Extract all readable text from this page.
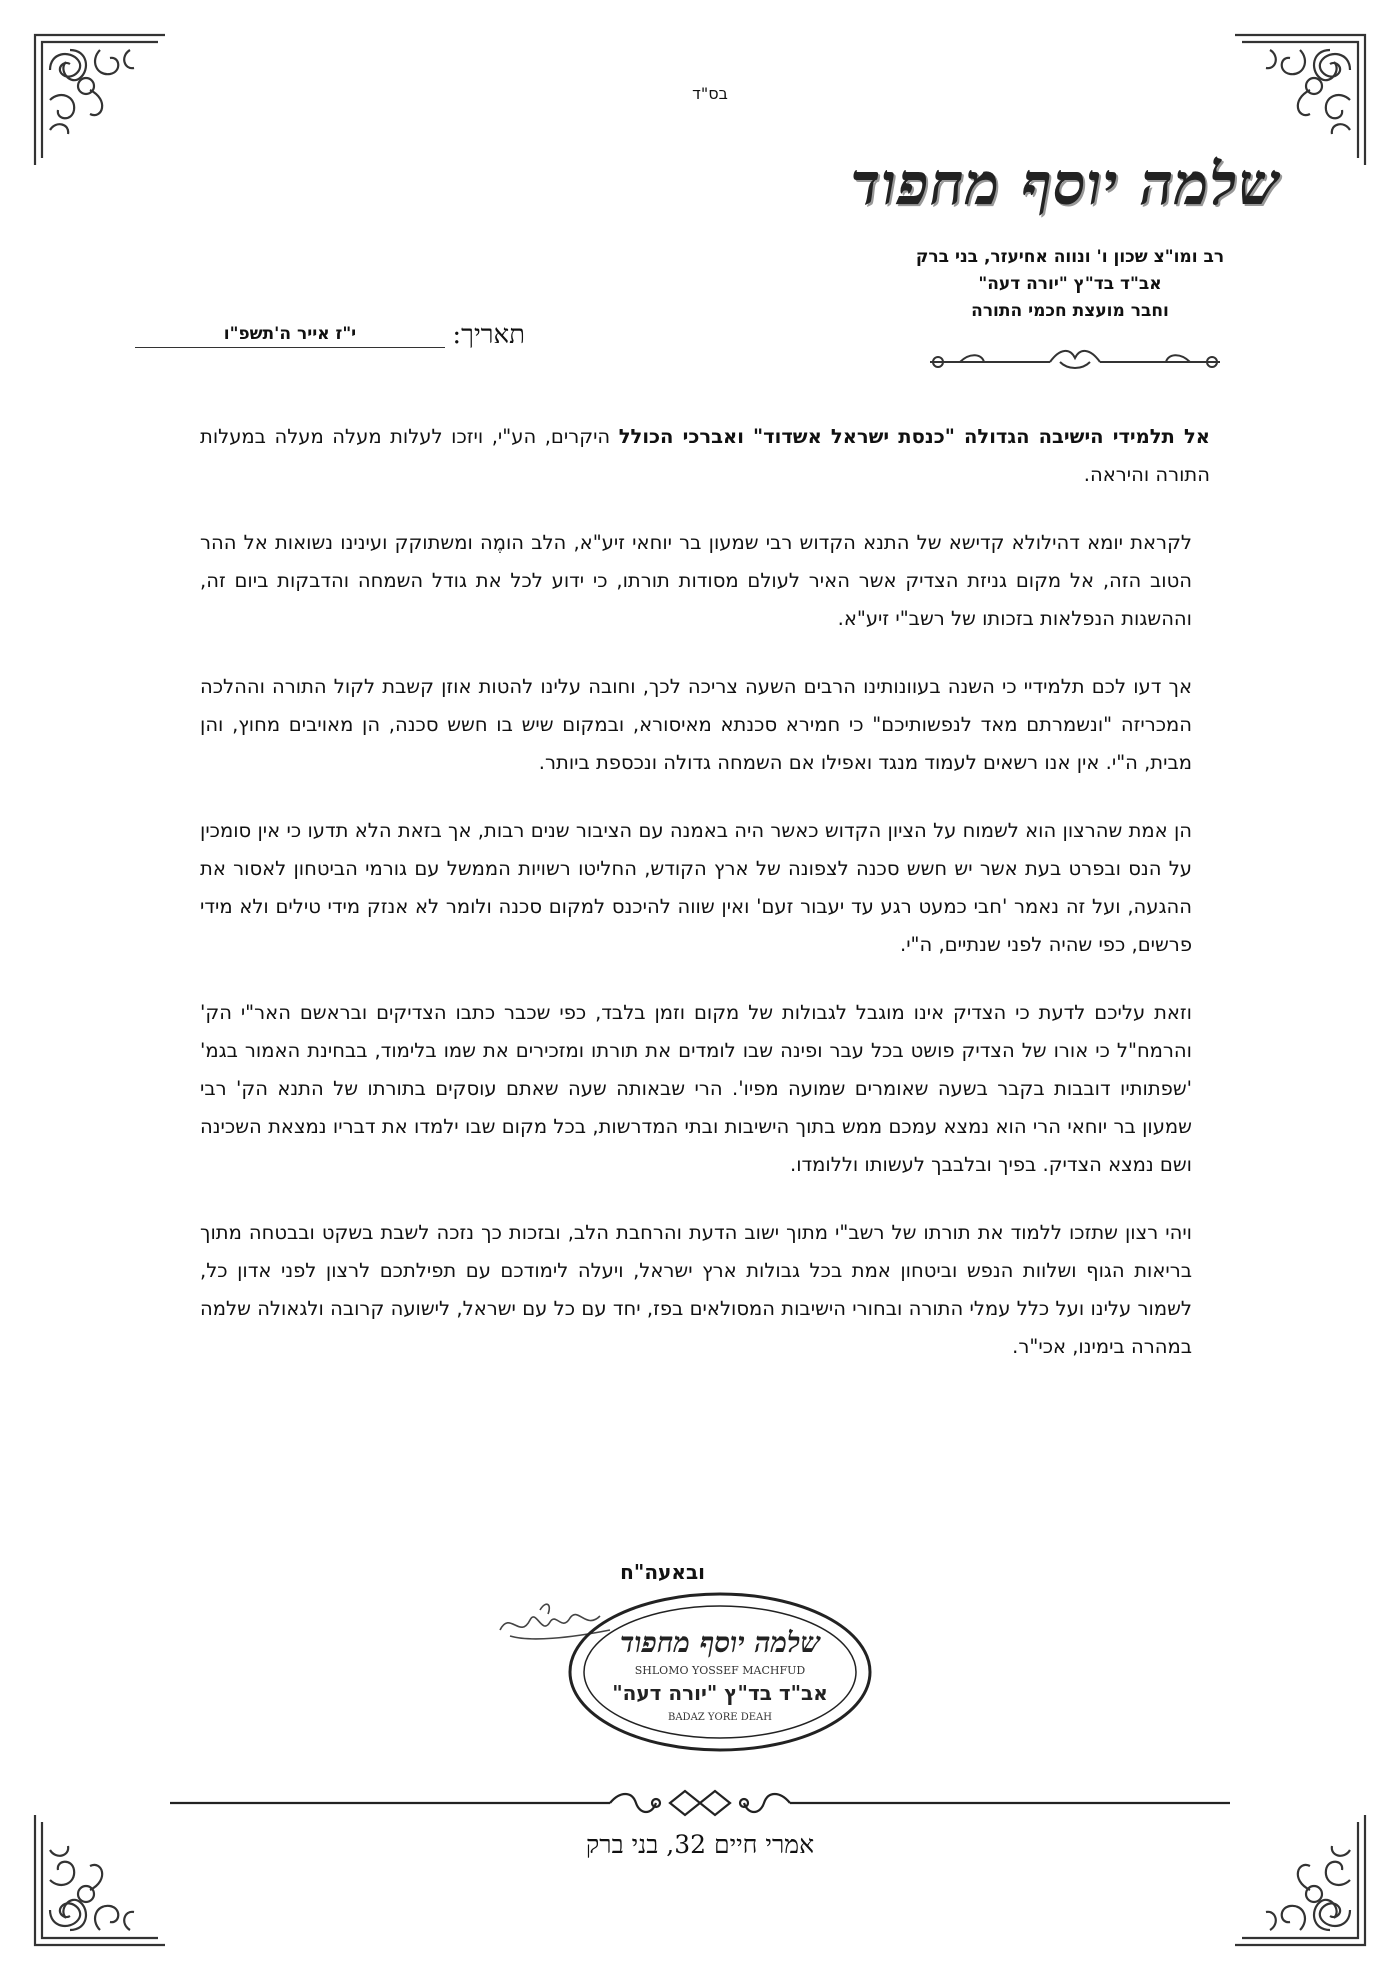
בס"ד
שלמה יוסף מחפוד
רב ומו"צ שכון ו' ונווה אחיעזר, בני ברק
אב"ד בד"ץ "יורה דעה"
וחבר מועצת חכמי התורה
תאריך:
י"ז אייר ה'תשפ"ו

אל תלמידי הישיבה הגדולה "כנסת ישראל אשדוד" ואברכי הכולל היקרים, הע"י, ויזכו לעלות מעלה מעלה במעלות התורה והיראה.

לקראת יומא דהילולא קדישא של התנא הקדוש רבי שמעון בר יוחאי זיע"א, הלב הומֶה ומשתוקק ועינינו נשואות אל ההר הטוב הזה, אל מקום גניזת הצדיק אשר האיר לעולם מסודות תורתו, כי ידוע לכל את גודל השמחה והדבקות ביום זה, וההשגות הנפלאות בזכותו של רשב"י זיע"א.

אך דעו לכם תלמידיי כי השנה בעוונותינו הרבים השעה צריכה לכך, וחובה עלינו להטות אוזן קשבת לקול התורה וההלכה המכריזה "ונשמרתם מאד לנפשותיכם" כי חמירא סכנתא מאיסורא, ובמקום שיש בו חשש סכנה, הן מאויבים מחוץ, והן מבית, ה"י. אין אנו רשאים לעמוד מנגד ואפילו אם השמחה גדולה ונכספת ביותר.

הן אמת שהרצון הוא לשמוח על הציון הקדוש כאשר היה באמנה עם הציבור שנים רבות, אך בזאת הלא תדעו כי אין סומכין על הנס ובפרט בעת אשר יש חשש סכנה לצפונה של ארץ הקודש, החליטו רשויות הממשל עם גורמי הביטחון לאסור את ההגעה, ועל זה נאמר 'חבי כמעט רגע עד יעבור זעם' ואין שווה להיכנס למקום סכנה ולומר לא אנזק מידי טילים ולא מידי פרשים, כפי שהיה לפני שנתיים, ה"י.

וזאת עליכם לדעת כי הצדיק אינו מוגבל לגבולות של מקום וזמן בלבד, כפי שכבר כתבו הצדיקים ובראשם האר"י הק' והרמח"ל כי אורו של הצדיק פושט בכל עבר ופינה שבו לומדים את תורתו ומזכירים את שמו בלימוד, בבחינת האמור בגמ' 'שפתותיו דובבות בקבר בשעה שאומרים שמועה מפיו'. הרי שבאותה שעה שאתם עוסקים בתורתו של התנא הק' רבי שמעון בר יוחאי הרי הוא נמצא עמכם ממש בתוך הישיבות ובתי המדרשות, בכל מקום שבו ילמדו את דבריו נמצאת השכינה ושם נמצא הצדיק. בפיך ובלבבך לעשותו וללומדו.

ויהי רצון שתזכו ללמוד את תורתו של רשב"י מתוך ישוב הדעת והרחבת הלב, ובזכות כך נזכה לשבת בשקט ובבטחה מתוך בריאות הגוף ושלוות הנפש וביטחון אמת בכל גבולות ארץ ישראל, ויעלה לימודכם עם תפילתכם לרצון לפני אדון כל, לשמור עלינו ועל כלל עמלי התורה ובחורי הישיבות המסולאים בפז, יחד עם כל עם ישראל, לישועה קרובה ולגאולה שלמה במהרה בימינו, אכי"ר.

ובאעה"ח
שלמה יוסף מחפוד
SHLOMO YOSSEF MACHFUD
אב"ד בד"ץ "יורה דעה"
BADAZ YORE DEAH
אמרי חיים 32, בני ברק
